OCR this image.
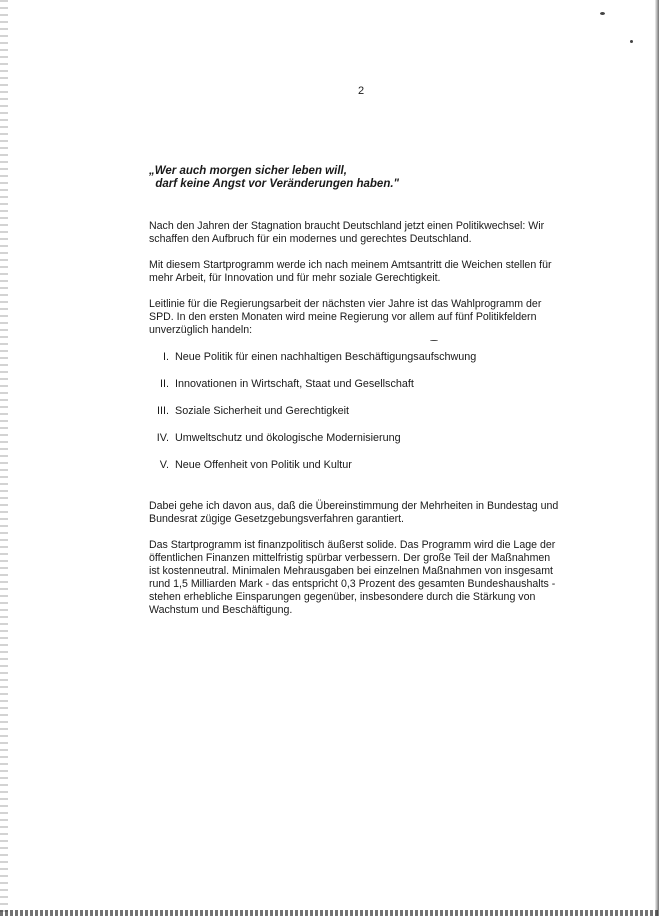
2
„Wer auch morgen sicher leben will,
darf keine Angst vor Veränderungen haben."
Nach den Jahren der Stagnation braucht Deutschland jetzt einen Politikwechsel: Wir
schaffen den Aufbruch für ein modernes und gerechtes Deutschland.
Mit diesem Startprogramm werde ich nach meinem Amtsantritt die Weichen stellen für
mehr Arbeit, für Innovation und für mehr soziale Gerechtigkeit.
Leitlinie für die Regierungsarbeit der nächsten vier Jahre ist das Wahlprogramm der
SPD. In den ersten Monaten wird meine Regierung vor allem auf fünf Politikfeldern
unverzüglich handeln:
I. Neue Politik für einen nachhaltigen Beschäftigungsaufschwung
II. Innovationen in Wirtschaft, Staat und Gesellschaft
III. Soziale Sicherheit und Gerechtigkeit
IV. Umweltschutz und ökologische Modernisierung
V. Neue Offenheit von Politik und Kultur
Dabei gehe ich davon aus, daß die Übereinstimmung der Mehrheiten in Bundestag und
Bundesrat zügige Gesetzgebungsverfahren garantiert.
Das Startprogramm ist finanzpolitisch äußerst solide. Das Programm wird die Lage der
öffentlichen Finanzen mittelfristig spürbar verbessern. Der große Teil der Maßnahmen
ist kostenneutral. Minimalen Mehrausgaben bei einzelnen Maßnahmen von insgesamt
rund 1,5 Milliarden Mark - das entspricht 0,3 Prozent des gesamten Bundeshaushalts -
stehen erhebliche Einsparungen gegenüber, insbesondere durch die Stärkung von
Wachstum und Beschäftigung.
